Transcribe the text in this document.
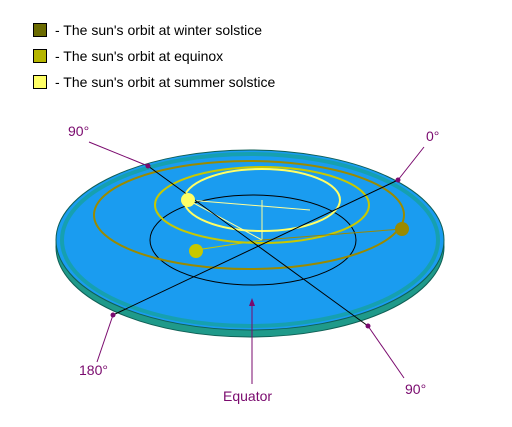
- The sun's orbit at winter solstice
- The sun's orbit at equinox
- The sun's orbit at summer solstice
90°	0°
180°
90°
Equator
